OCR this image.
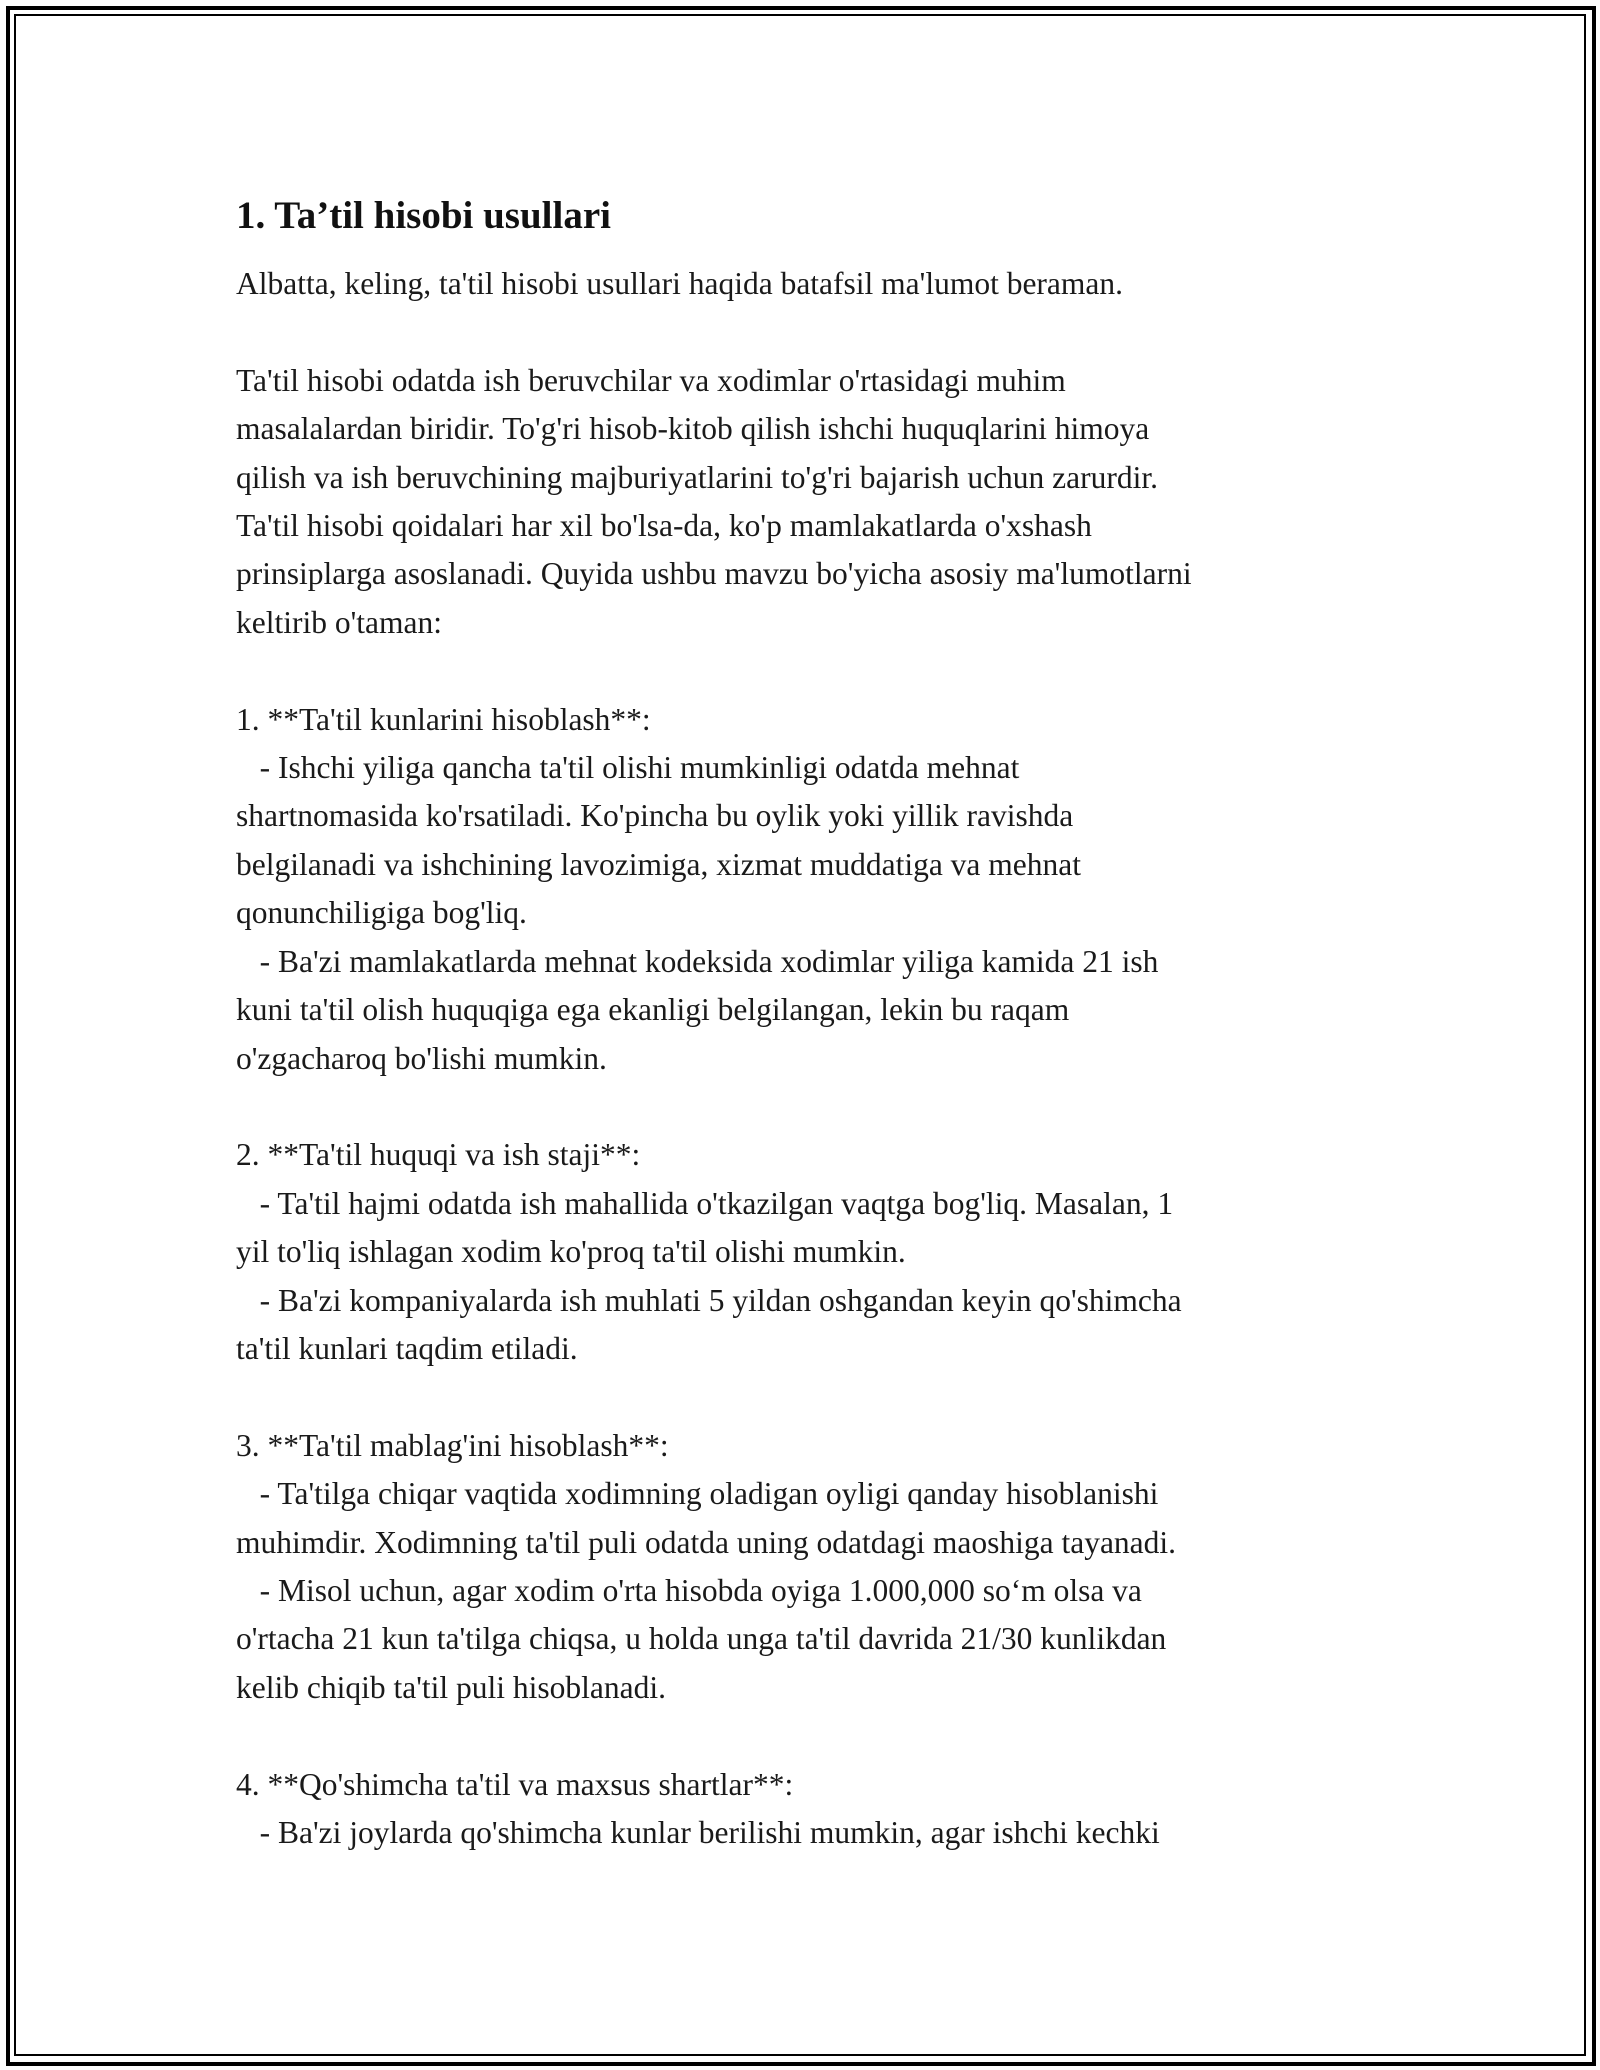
1. Ta’til hisobi usullari

Albatta, keling, ta'til hisobi usullari haqida batafsil ma'lumot beraman.

Ta'til hisobi odatda ish beruvchilar va xodimlar o'rtasidagi muhim
masalalardan biridir. To'g'ri hisob-kitob qilish ishchi huquqlarini himoya
qilish va ish beruvchining majburiyatlarini to'g'ri bajarish uchun zarurdir.
Ta'til hisobi qoidalari har xil bo'lsa-da, ko'p mamlakatlarda o'xshash
prinsiplarga asoslanadi. Quyida ushbu mavzu bo'yicha asosiy ma'lumotlarni
keltirib o'taman:

1. **Ta'til kunlarini hisoblash**:
- Ishchi yiliga qancha ta'til olishi mumkinligi odatda mehnat
shartnomasida ko'rsatiladi. Ko'pincha bu oylik yoki yillik ravishda
belgilanadi va ishchining lavozimiga, xizmat muddatiga va mehnat
qonunchiligiga bog'liq.
- Ba'zi mamlakatlarda mehnat kodeksida xodimlar yiliga kamida 21 ish
kuni ta'til olish huquqiga ega ekanligi belgilangan, lekin bu raqam
o'zgacharoq bo'lishi mumkin.

2. **Ta'til huquqi va ish staji**:
- Ta'til hajmi odatda ish mahallida o'tkazilgan vaqtga bog'liq. Masalan, 1
yil to'liq ishlagan xodim ko'proq ta'til olishi mumkin.
- Ba'zi kompaniyalarda ish muhlati 5 yildan oshgandan keyin qo'shimcha
ta'til kunlari taqdim etiladi.

3. **Ta'til mablag'ini hisoblash**:
- Ta'tilga chiqar vaqtida xodimning oladigan oyligi qanday hisoblanishi
muhimdir. Xodimning ta'til puli odatda uning odatdagi maoshiga tayanadi.
- Misol uchun, agar xodim o'rta hisobda oyiga 1.000,000 so‘m olsa va
o'rtacha 21 kun ta'tilga chiqsa, u holda unga ta'til davrida 21/30 kunlikdan
kelib chiqib ta'til puli hisoblanadi.

4. **Qo'shimcha ta'til va maxsus shartlar**:
- Ba'zi joylarda qo'shimcha kunlar berilishi mumkin, agar ishchi kechki
